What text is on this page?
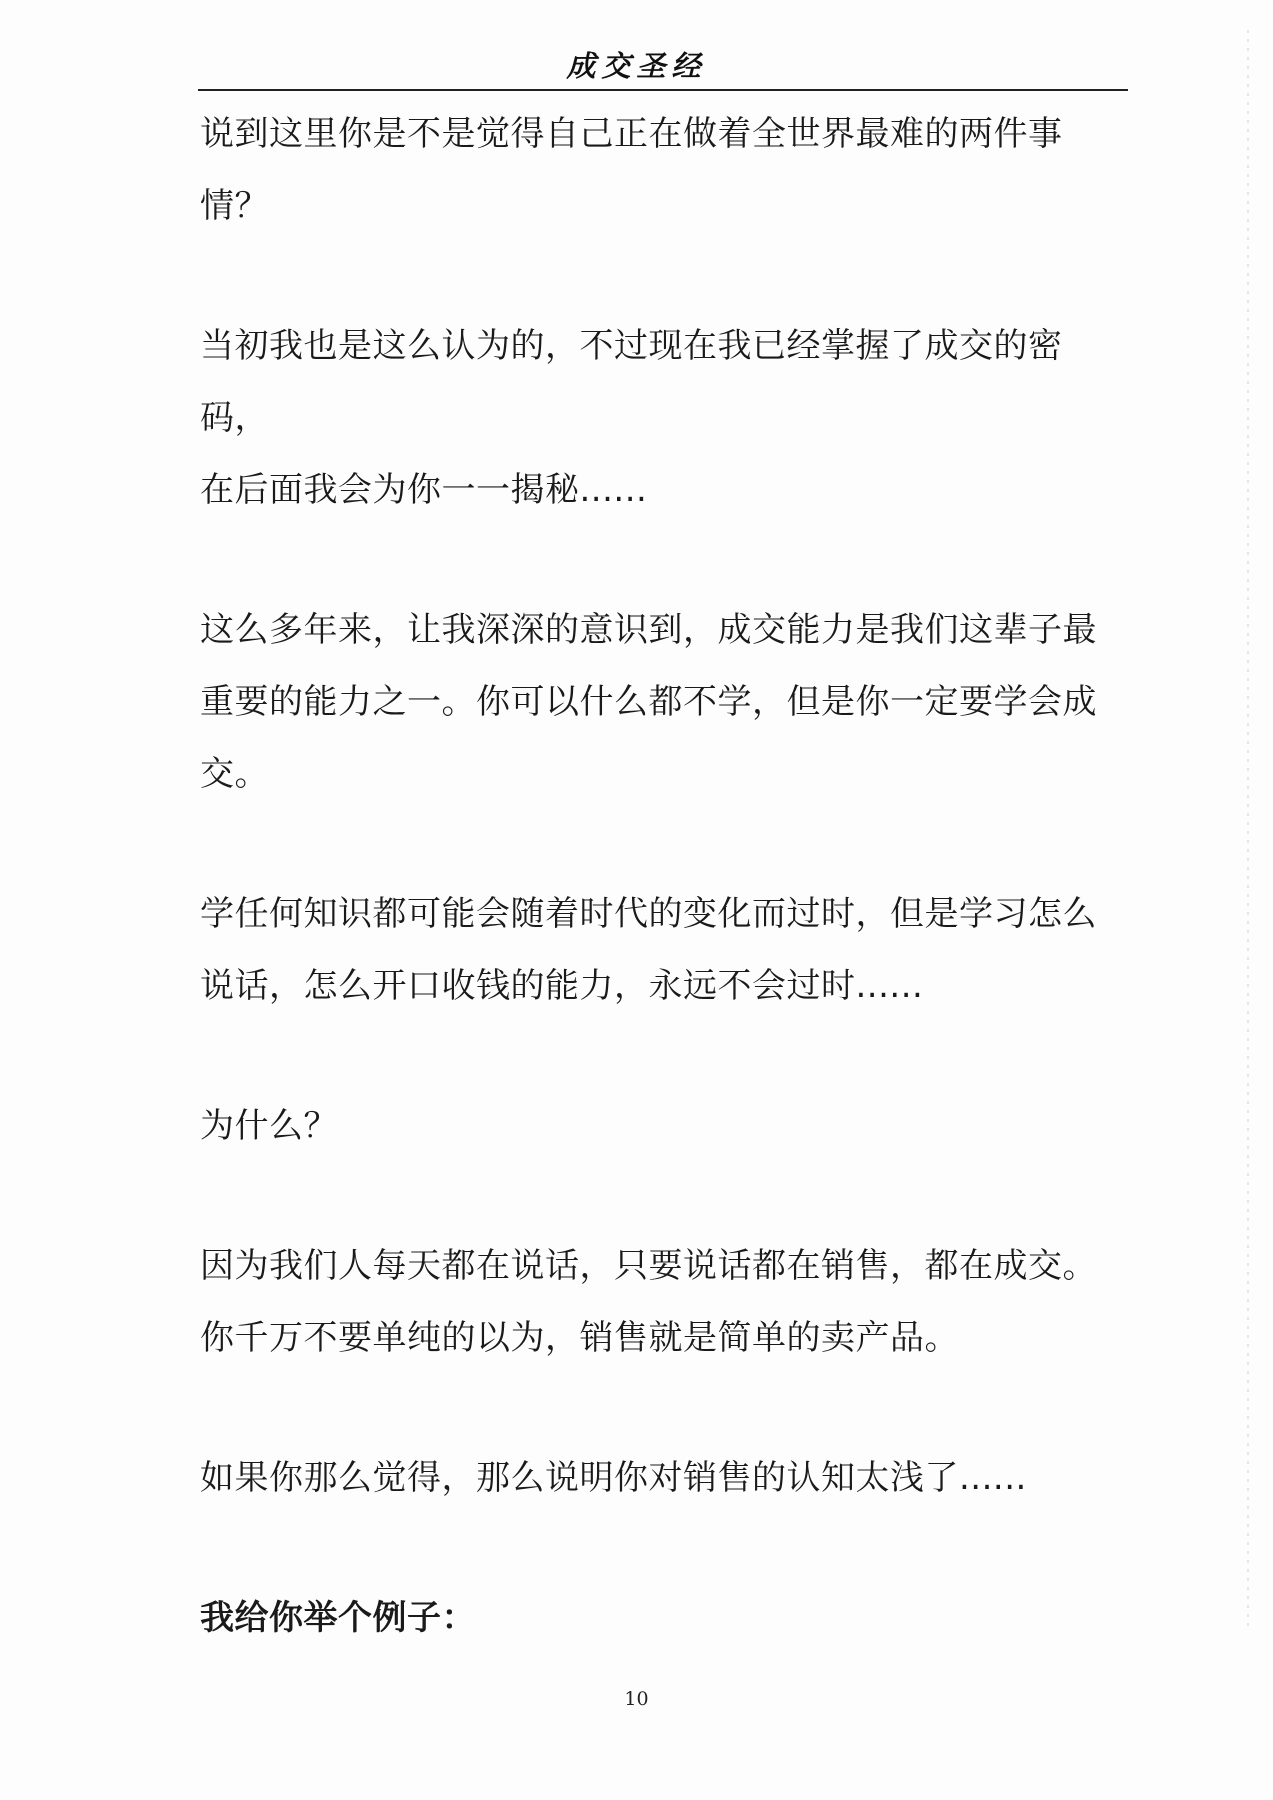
成交圣经

说到这里你是不是觉得自己正在做着全世界最难的两件事
情？

当初我也是这么认为的，不过现在我已经掌握了成交的密码，
在后面我会为你一一揭秘......

这么多年来，让我深深的意识到，成交能力是我们这辈子最
重要的能力之一。你可以什么都不学，但是你一定要学会成
交。

学任何知识都可能会随着时代的变化而过时，但是学习怎么
说话，怎么开口收钱的能力，永远不会过时......

为什么？

因为我们人每天都在说话，只要说话都在销售，都在成交。
你千万不要单纯的以为，销售就是简单的卖产品。

如果你那么觉得，那么说明你对销售的认知太浅了......

我给你举个例子：

10
